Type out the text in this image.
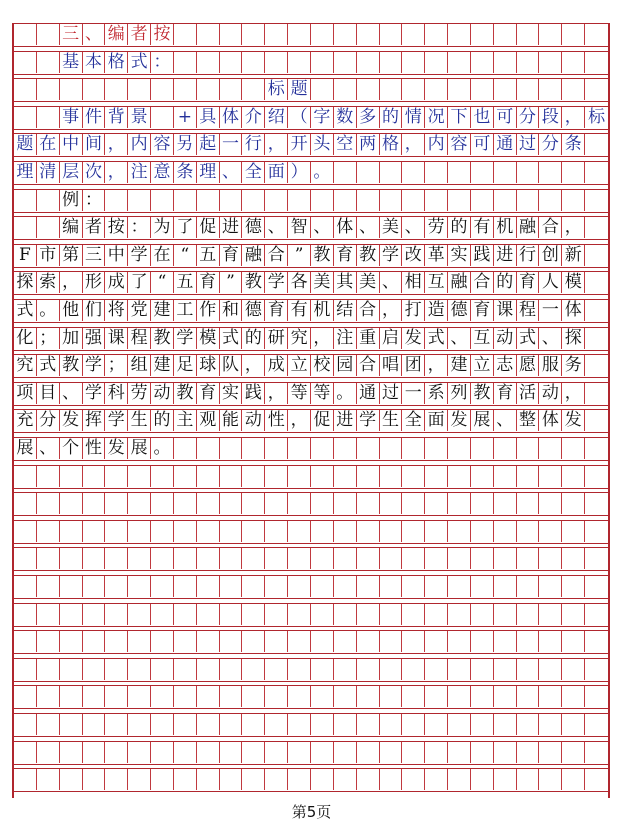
三 、 编 者 按
基 本 格 式 ：
标 题
事 件 背 景 + 具 体 介 绍 （ 字 数 多 的 情 况 下 也 可 分 段 ， 标
题 在 中 间 ， 内 容 另 起 一 行 ， 开 头 空 两 格 ， 内 容 可 通 过 分 条
理 清 层 次 ， 注 意 条 理 、 全 面 ） 。
例 ：
编 者 按 ： 为 了 促 进 德 、 智 、 体 、 美 、 劳 的 有 机 融 合 ，
F 市 第 三 中 学 在 “ 五 育 融 合 ” 教 育 教 学 改 革 实 践 进 行 创 新
探 索 ， 形 成 了 “ 五 育 ” 教 学 各 美 其 美 、 相 互 融 合 的 育 人 模
式 。 他 们 将 党 建 工 作 和 德 育 有 机 结 合 ， 打 造 德 育 课 程 一 体
化 ； 加 强 课 程 教 学 模 式 的 研 究 ， 注 重 启 发 式 、 互 动 式 、 探
究 式 教 学 ； 组 建 足 球 队 ， 成 立 校 园 合 唱 团 ， 建 立 志 愿 服 务
项 目 、 学 科 劳 动 教 育 实 践 ， 等 等 。 通 过 一 系 列 教 育 活 动 ，
充 分 发 挥 学 生 的 主 观 能 动 性 ， 促 进 学 生 全 面 发 展 、 整 体 发
展 、 个 性 发 展 。
第5页
